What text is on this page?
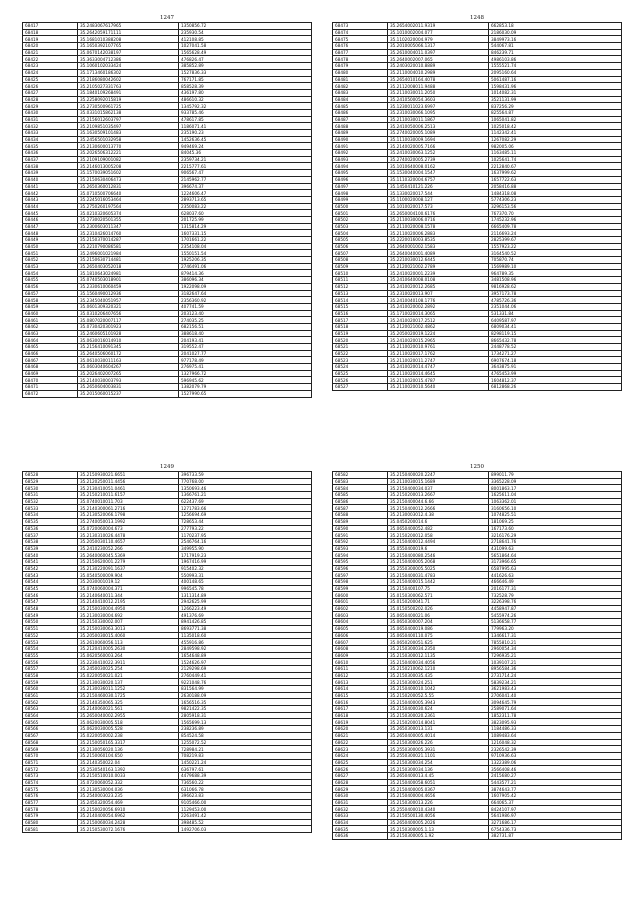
1247
68417	35.2483067617965	1350856.72
68418	35.2642059171111	235930.54
68419	35.1681010388208	412108.85
68420	35.1650392107765	1027041.58
68421	35.0670142038197	1565628.49
68422	35.3633004712386	476826.47
68423	35.1060102033424	385852.89
68424	35.1713460186302	1527836.33
68425	35.2186080042602	767171.85
68426	35.2105027331763	858528.39
68427	35.1840109268491	436197.80
68428	35.2258092015819	486610.32
68429	35.2730500961725	1345792.32
68430	35.0331015862138	933785.46
68431	35.2156012603797	478617.85
68432	35.2109851035497	1186071.41
68433	35.1630509101483	235190.23
68434	35.2456501032958	1452636.45
68435	35.2130600013770	949469.24
68436	35.2026506312221	84045.36
68437	35.2109109001082	2359734.21
68438	35.2146013005208	2215777.61
68439	35.1570039051602	906567.47
68440	35.2150630406473	2145962.77
68441	35.2650360012831	396674.37
68442	35.0710500706640	1224606.47
68443	35.2245016053464	2893713.65
68444	35.2750260197564	2350083.22
68445	35.0210320605374	628037.60
68446	35.2730020501355	201725.99
68447	35.2300603011347	1315814.29
68448	35.2310426014760	1607331.15
68449	35.2150370014287	1701661.22
68450	35.2210790086581	2354108.04
68451	35.2496001021984	1550151.54
68452	35.2150630714481	1925206.35
68453	35.2650403052018	2746491.06
68454	35.1810643024981	879414.36
68455	35.0740503018901	386096.34
68456	35.2330610060459	1922098.09
68457	35.1560490012936	3182647.64
68458	35.2345040051957	2356360.92
68459	35.0601309320321	407741.59
68460	35.0310206407656	203123.40
68461	35.0807020007117	274035.25
68462	35.0730420301923	682156.51
68463	35.2460605101928	388618.40
68464	35.0630016014910	204193.41
68465	35.2156410091345	319552.47
68466	35.2640506060172	2041027.77
68467	35.0610030011163	977178.49
68468	35.0603040604267	276975.41
68469	35.2026402007265	1327966.72
68470	35.2140030003793	596945.62
68471	35.2650604003831	1382079.79
68472	35.2015060015237	1527990.65
1248
68473	35.2654002011.9319	662853.18
68474	35.1010002004.077	2186030.09
68475	35.1102020004.979	3849973.16
68476	35.2010005066.1317	544067.81
68477	35.2610004011.0397	846239.71
68478	35.2640002007.065	4986103.86
68479	35.2403020010.8889	1555521.74
68480	35.2110004010.2989	2095160.64
68481	35.2654010164.4078	5061487.16
68482	35.2112008011.9488	1598431.96
68483	35.2110030011.2050	1014082.31
68484	35.2410500054.3603	3521131.99
68485	35.1230011023.6997	837256.29
68486	35.2310030066.1095	825564.87
68487	35.2110030011.1867	1065041.82
68488	35.2410050006.2513	1025018.42
68489	35.2740020005.1089	1142342.41
68490	35.1110030009.1694	1267082.29
68491	35.2140020005.7166	982005.06
68492	35.2410030063.1252	1163485.11
68493	35.2740020005.2739	1025641.74
68494	35.1010640008.0162	2212840.67
68495	35.1530040004.1547	1637999.62
68496	35.1110320004.6757	1657722.63
68497	35.1450410121.226	2058416.88
68498	35.1330020017.544	1484318.08
68499	35.1100020008.127	5774306.23
68500	35.1010020017.573	3296153.56
68501	35.2650004100.6176	767370.70
68502	35.2110030006.0716	1745232.96
68503	35.2110020008.1578	6665409.78
68504	35.2110020006.2883	2116693.24
68505	35.2220016003.8535	2825399.67
68506	35.2640001002.1583	1557923.22
68507	35.2640040001.4089	3164540.52
68508	35.2210030012.6445	705870.74
68509	35.2120021002.2789	1569989.10
68510	35.2410020001.2239	964789.35
68511	35.2410640008.0108	3481508.96
68512	35.2410020012.2685	9816928.62
68513	35.2310020013.907	3957173.78
68514	35.2410040108.1776	4785726.36
68515	35.2410020002.2892	2351044.06
68516	35.1710020014.3065	531331.84
68517	35.2410020017.2512	6409587.97
68518	35.2120021002.4862	6809034.41
68519	35.2050020019.1224	8298119.15
68520	35.2410020015.2965	8665432.78
68521	35.2110020010.9761	2448778.52
68522	35.2110020017.1762	1734271.27
68523	35.2110020011.2747	6907674.18
68524	35.2410020014.4747	3643875.91
68525	35.2110020014.4645	4765453.99
68526	35.2110020015.4787	1604812.37
68527	35.2110020010.5640	6812868.26
1249
68528	35.2150930021.6651	396733.59
68529	35.2120250011.4456	770768.00
68530	35.2130410051.0461	1350693.46
68531	35.2150210011.6157	1366761.21
68532	35.0740010011.703	622437.69
68533	35.2140300061.2716	1271783.66
68534	35.2130520066.1798	1256694.69
68535	35.2740050013.1992	728653.44
68536	35.0720060004.673	277793.22
68537	35.2130310026.4478	1170237.95
68538	35.2050030110.4657	2546764.16
68539	35.2410230052.266	349955.90
68540	35.2640060045.5369	1717919.23
68541	35.2150620001.2279	1967416.99
68542	35.2130220091.1637	915402.32
68543	35.0540500009.904	550993.31
68544	35.2030001019.12	400148.65
68545	35.0740060004.371	996545.78
68546	35.2140640011.344	1311314.89
68547	35.2140410012.2195	2942625.99
68548	35.2150030004.4950	1266223.49
68549	35.2130030004.692	491376.69
68550	35.2150330002.007	8941426.85
68551	35.2150030063.3013	8693771.38
68552	35.2050030015.4060	1135018.60
68553	35.2610060056.113	455916.86
68554	35.2120410005.2630	2849598.92
68555	35.0620560003.264	1654648.89
68556	35.2230410022.3911	1524626.97
68557	35.2450030025.254	2129298.69
68558	35.0220050021.021	2760449.41
68559	35.2130030020.137	9221048.76
68560	35.2130036011.1252	831564.99
68561	35.2150460030.1725	2630188.09
68562	35.2140350065.325	1656516.35
68563	35.2140060021.561	9821422.35
68564	35.2650040002.2955	2805918.31
68565	35.0620030005.518	1565699.13
68566	35.0620030005.528	238236.89
68567	35.0220050002.238	854524.58
68568	35.2150050165.3317	1255072.52
68569	35.2130056020.136	728984.21
68570	35.2150060104.650	708219.83
68571	35.2140350022.04	1450221.24
68572	35.2530540163.1392	636797.61
68573	35.2150510010.0033	4479688.39
68574	35.0720060052.332	736560.22
68575	35.2130530004.036	631066.78
68576	35.2540003023.235	396623.83
68577	35.2450320054.469	9105466.00
68578	35.2150020056.6910	1129453.00
68579	35.2140400054.6962	2263491.42
68580	35.2150060034.2428	398485.52
68581	35.2150530072.1676	1492706.03
1250
68582	35.2150400020.2247	899011.79
68583	35.2110030015.1689	3365228.09
68584	35.2150400034.037	8001863.17
68585	35.2150200013.2667	1625611.04
68586	35.2150400044.6.66	1063362.01
68587	35.2150400012.2666	3160656.10
68588	35.2130003012.4.38	1074825.51
68589	35.0450200014.6	181069.25
68590	35.0650400052.482	167173.60
68591	35.2150200012.058	3216176.29
68592	35.2150400012.4494	2718641.76
68593	35.0550400019.6	431099.63
68594	35.2150400080.2546	5651864.64
68595	35.2150400005.2068	3173966.65
68596	35.2550300005.5025	6587995.63
68597	35.2150400031.4783	441626.63
68598	35.2150400015.1442	466646.49
68599	35.2150400107.75	2016177.31
68600	35.0150300062.571	732528.79
68601	35.0150200041.71	3226398.76
68602	35.0150500202.026	4458947.87
68603	35.0650400021.06	5455974.26
68604	35.0650300007.204	5136658.77
68605	35.0650400019.086	779963.20
68606	35.0650400110.075	1346617.31
68607	35.0650200051.625	7855810.21
68608	35.2150300034.2350	2960054.34
68609	35.2150300012.1135	7296935.21
68610	35.2150400034.4056	1039107.21
68611	35.2150210062.1210	8956584.36
68612	35.2150300035.435	2731714.24
68613	35.2150300024.251	5839234.21
68614	35.2150400010.1042	3621983.43
68615	35.2150200052.5.55	2706041.40
68616	35.2150400005.3943	3094645.79
68617	35.2150400030.624	2589071.64
68618	35.2150300020.2361	1852311.78
68619	35.2150200014.8041	3823095.93
68620	35.2650300013.131	1184486.33
68621	35.2650400005.4014	1089483.64
68622	35.2150300026.226	1216048.32
68623	35.2550300005.3931	2326542.39
68624	35.2550300021.1101	9710936.63
68625	35.2150300034.254	1322389.06
68626	35.2150300034.136	3566408.46
68627	35.2650400013.4.45	2415680.27
68628	35.2150400058.6051	5443577.21
68629	35.2150400005.0367	3874643.77
68630	35.2150400004.4656	1607905.42
68631	35.2150300013.226	664065.37
68632	35.2550400010.4340	8424107.97
68633	35.2150500130.4056	5641986.97
68634	35.2650400005.2026	3271686.17
68635	35.2150300005.1.13	6754336.73
68636	35.2150300005.1.92	382731.87
